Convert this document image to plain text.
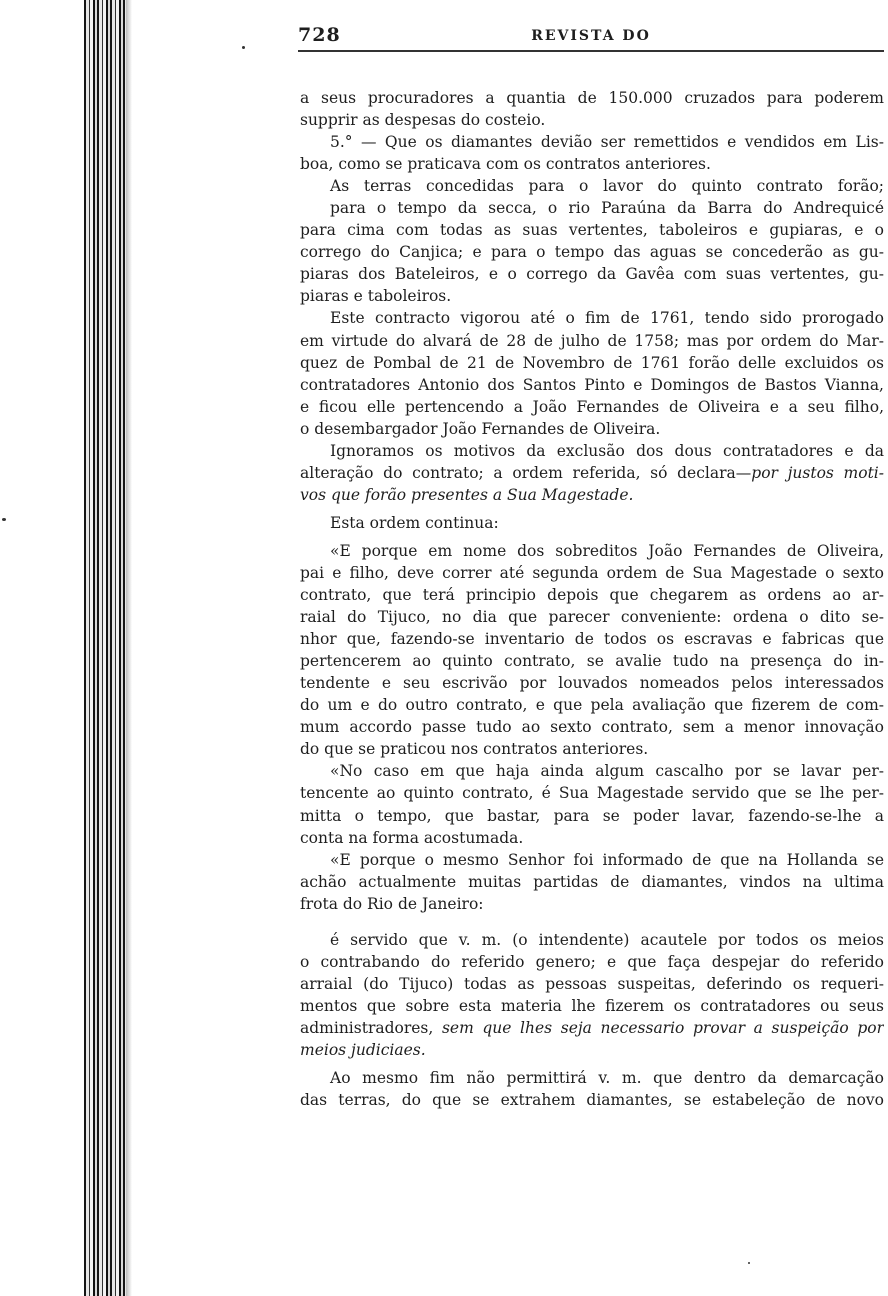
728	REVISTA DO
a seus procuradores a quantia de 150.000 cruzados para poderem
supprir as despesas do costeio.
5.° — Que os diamantes devião ser remettidos e vendidos em Lis-
boa, como se praticava com os contratos anteriores.
As terras concedidas para o lavor do quinto contrato forão;
para o tempo da secca, o rio Paraúna da Barra do Andrequicé
para cima com todas as suas vertentes, taboleiros e gupiaras, e o
corrego do Canjica; e para o tempo das aguas se concederão as gu-
piaras dos Bateleiros, e o corrego da Gavêa com suas vertentes, gu-
piaras e taboleiros.
Este contracto vigorou até o fim de 1761, tendo sido prorogado
em virtude do alvará de 28 de julho de 1758; mas por ordem do Mar-
quez de Pombal de 21 de Novembro de 1761 forão delle excluidos os
contratadores Antonio dos Santos Pinto e Domingos de Bastos Vianna,
e ficou elle pertencendo a João Fernandes de Oliveira e a seu filho,
o desembargador João Fernandes de Oliveira.
Ignoramos os motivos da exclusão dos dous contratadores e da
alteração do contrato; a ordem referida, só declara—por justos moti-
vos que forão presentes a Sua Magestade.
Esta ordem continua:
«E porque em nome dos sobreditos João Fernandes de Oliveira,
pai e filho, deve correr até segunda ordem de Sua Magestade o sexto
contrato, que terá principio depois que chegarem as ordens ao ar-
raial do Tijuco, no dia que parecer conveniente: ordena o dito se-
nhor que, fazendo-se inventario de todos os escravas e fabricas que
pertencerem ao quinto contrato, se avalie tudo na presença do in-
tendente e seu escrivão por louvados nomeados pelos interessados
do um e do outro contrato, e que pela avaliação que fizerem de com-
mum accordo passe tudo ao sexto contrato, sem a menor innovação
do que se praticou nos contratos anteriores.
«No caso em que haja ainda algum cascalho por se lavar per-
tencente ao quinto contrato, é Sua Magestade servido que se lhe per-
mitta o tempo, que bastar, para se poder lavar, fazendo-se-lhe a
conta na forma acostumada.
«E porque o mesmo Senhor foi informado de que na Hollanda se
achão actualmente muitas partidas de diamantes, vindos na ultima
frota do Rio de Janeiro:
é servido que v. m. (o intendente) acautele por todos os meios
o contrabando do referido genero; e que faça despejar do referido
arraial (do Tijuco) todas as pessoas suspeitas, deferindo os requeri-
mentos que sobre esta materia lhe fizerem os contratadores ou seus
administradores, sem que lhes seja necessario provar a suspeição por
meios judiciaes.
Ao mesmo fim não permittirá v. m. que dentro da demarcação
das terras, do que se extrahem diamantes, se estabeleção de novo
